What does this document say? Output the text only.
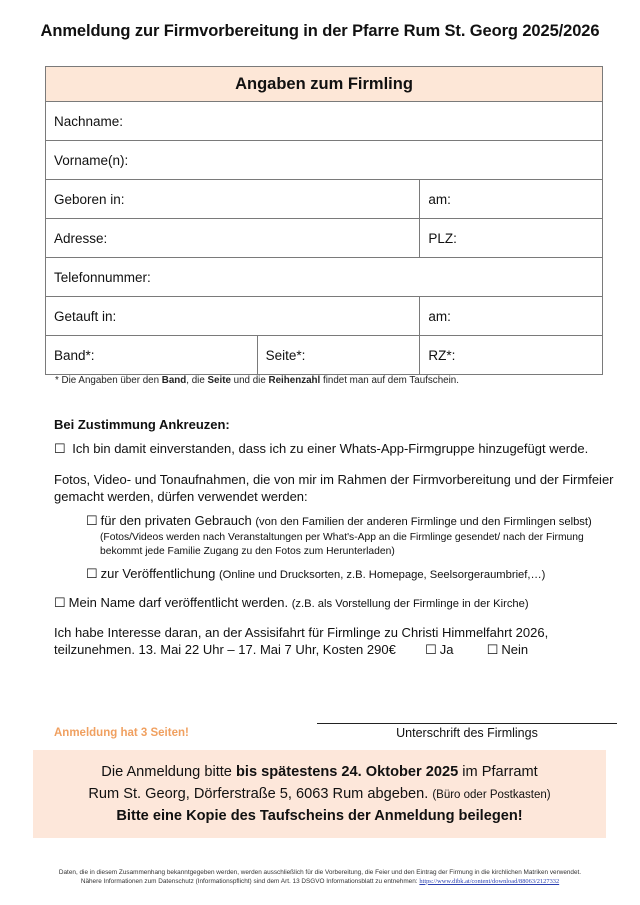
Anmeldung zur Firmvorbereitung in der Pfarre Rum St. Georg 2025/2026
Angaben zum Firmling
Nachname:
Vorname(n):
Geboren in:	am:
Adresse:	PLZ:
Telefonnummer:
Getauft in:	am:
Band*:	Seite*:	RZ*:
* Die Angaben über den Band, die Seite und die Reihenzahl findet man auf dem Taufschein.
Bei Zustimmung Ankreuzen:
☐ Ich bin damit einverstanden, dass ich zu einer Whats-App-Firmgruppe hinzugefügt werde.
Fotos, Video- und Tonaufnahmen, die von mir im Rahmen der Firmvorbereitung und der Firmfeier gemacht werden, dürfen verwendet werden:
☐ für den privaten Gebrauch (von den Familien der anderen Firmlinge und den Firmlingen selbst)
(Fotos/Videos werden nach Veranstaltungen per What's-App an die Firmlinge gesendet/ nach der Firmung bekommt jede Familie Zugang zu den Fotos zum Herunterladen)
☐ zur Veröffentlichung (Online und Drucksorten, z.B. Homepage, Seelsorgeraumbrief,…)
☐ Mein Name darf veröffentlicht werden. (z.B. als Vorstellung der Firmlinge in der Kirche)
Ich habe Interesse daran, an der Assisifahrt für Firmlinge zu Christi Himmelfahrt 2026,
teilzunehmen. 13. Mai 22 Uhr – 17. Mai 7 Uhr, Kosten 290€ ☐ Ja	☐ Nein
Anmeldung hat 3 Seiten!	Unterschrift des Firmlings
Die Anmeldung bitte bis spätestens 24. Oktober 2025 im Pfarramt
Rum St. Georg, Dörferstraße 5, 6063 Rum abgeben. (Büro oder Postkasten)
Bitte eine Kopie des Taufscheins der Anmeldung beilegen!
Daten, die in diesem Zusammenhang bekanntgegeben werden, werden ausschließlich für die Vorbereitung, die Feier und den Eintrag der Firmung in die kirchlichen Matriken verwendet.
Nähere Informationen zum Datenschutz (Informationspflicht) sind dem Art. 13 DSGVO Informationsblatt zu entnehmen: https://www.dibk.at/content/download/88063/2127332
